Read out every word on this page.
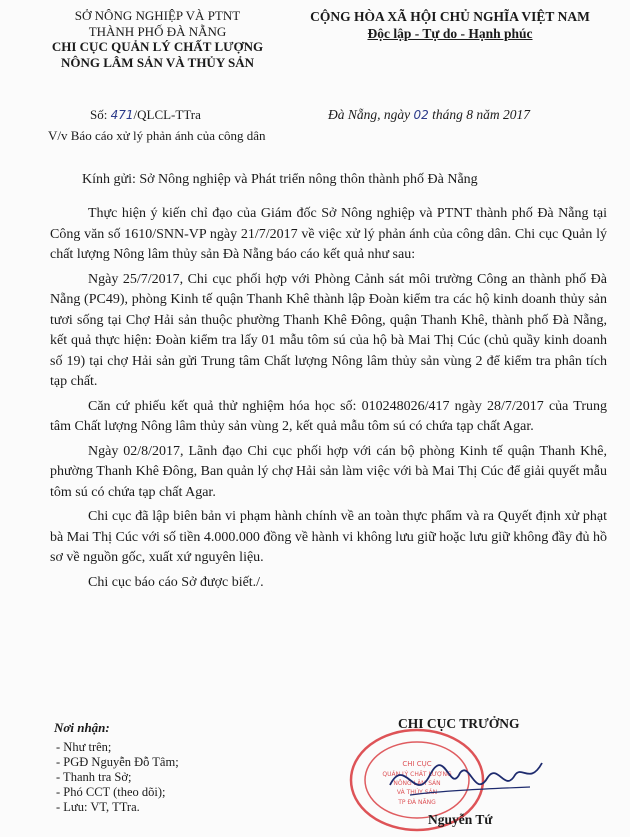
SỞ NÔNG NGHIỆP VÀ PTNT
THÀNH PHỐ ĐÀ NẴNG
CHI CỤC QUẢN LÝ CHẤT LƯỢNG
NÔNG LÂM SẢN VÀ THỦY SẢN
CỘNG HÒA XÃ HỘI CHỦ NGHĨA VIỆT NAM
Độc lập - Tự do - Hạnh phúc
Số: 471/QLCL-TTra	Đà Nẵng, ngày 02 tháng 8 năm 2017
V/v Báo cáo xử lý phản ánh của công dân
Kính gửi: Sở Nông nghiệp và Phát triển nông thôn thành phố Đà Nẵng

Thực hiện ý kiến chỉ đạo của Giám đốc Sở Nông nghiệp và PTNT thành phố Đà Nẵng tại Công văn số 1610/SNN-VP ngày 21/7/2017 về việc xử lý phản ánh của công dân. Chi cục Quản lý chất lượng Nông lâm thủy sản Đà Nẵng báo cáo kết quả như sau:

Ngày 25/7/2017, Chi cục phối hợp với Phòng Cảnh sát môi trường Công an thành phố Đà Nẵng (PC49), phòng Kinh tế quận Thanh Khê thành lập Đoàn kiểm tra các hộ kinh doanh thủy sản tươi sống tại Chợ Hải sản thuộc phường Thanh Khê Đông, quận Thanh Khê, thành phố Đà Nẵng, kết quả thực hiện: Đoàn kiểm tra lấy 01 mẫu tôm sú của hộ bà Mai Thị Cúc (chủ quầy kinh doanh số 19) tại chợ Hải sản gửi Trung tâm Chất lượng Nông lâm thủy sản vùng 2 để kiểm tra phân tích tạp chất.

Căn cứ phiếu kết quả thử nghiệm hóa học số: 010248026/417 ngày 28/7/2017 của Trung tâm Chất lượng Nông lâm thủy sản vùng 2, kết quả mẫu tôm sú có chứa tạp chất Agar.

Ngày 02/8/2017, Lãnh đạo Chi cục phối hợp với cán bộ phòng Kinh tế quận Thanh Khê, phường Thanh Khê Đông, Ban quản lý chợ Hải sản làm việc với bà Mai Thị Cúc để giải quyết mẫu tôm sú có chứa tạp chất Agar.

Chi cục đã lập biên bản vi phạm hành chính về an toàn thực phẩm và ra Quyết định xử phạt bà Mai Thị Cúc với số tiền 4.000.000 đồng về hành vi không lưu giữ hoặc lưu giữ không đầy đủ hồ sơ về nguồn gốc, xuất xứ nguyên liệu.

Chi cục báo cáo Sở được biết./.

Nơi nhận:
- Như trên;
- PGĐ Nguyễn Đỗ Tâm;
- Thanh tra Sở;
- Phó CCT (theo dõi);
- Lưu: VT, TTra.
CHI CỤC
QUẢN LÝ CHẤT LƯỢNG
NÔNG LÂM SẢN
VÀ THỦY SẢN
TP ĐÀ NẴNG
CHI CỤC TRƯỞNG
Nguyễn Tứ
